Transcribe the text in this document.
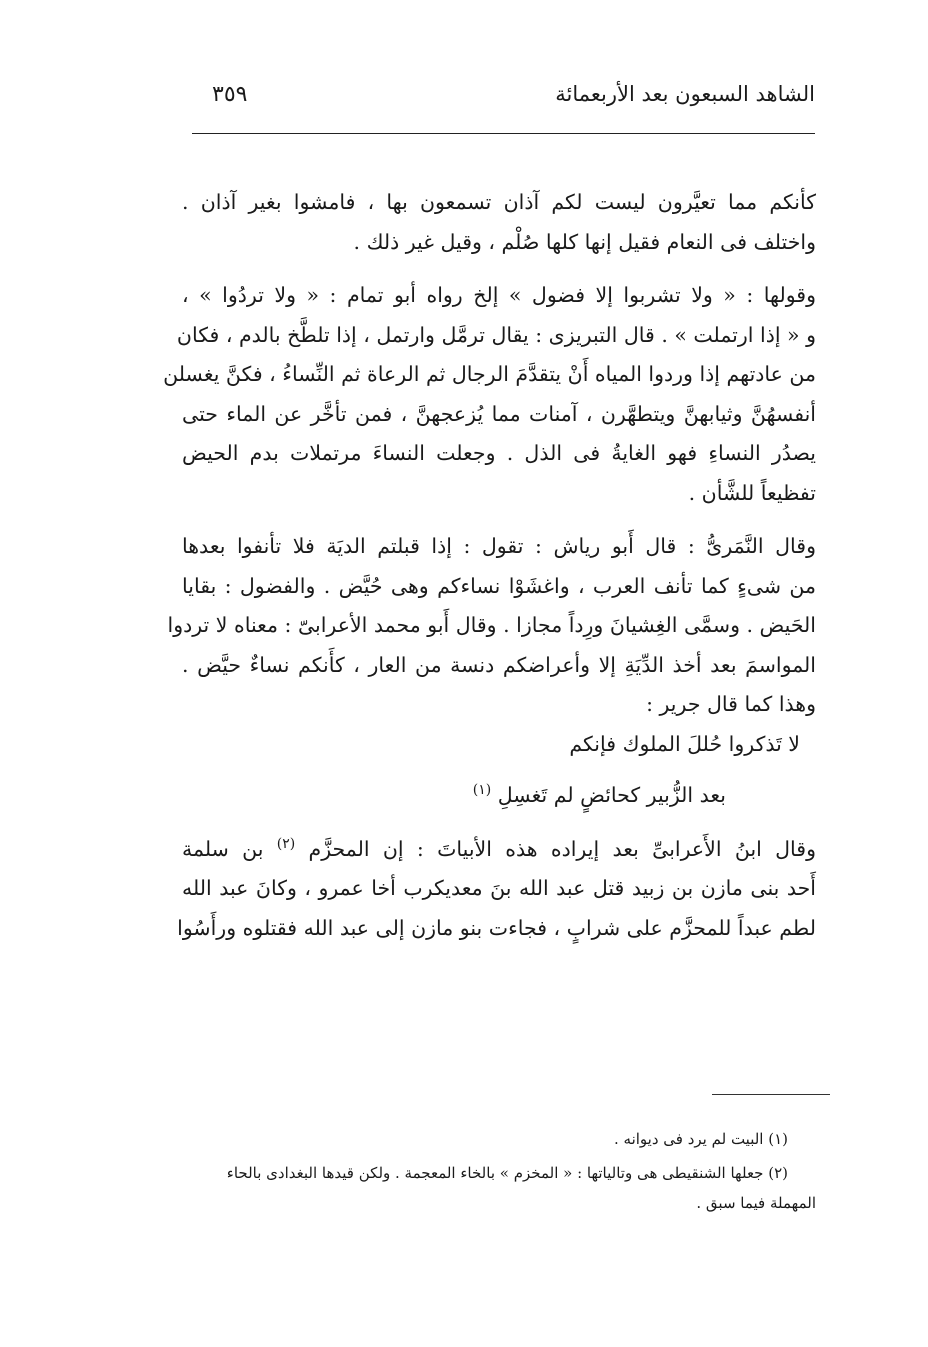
الشاهد السبعون بعد الأربعمائة
٣٥٩
كأنكم مما تعيَّرون ليست لكم آذان تسمعون بها ، فامشوا بغير آذان .
واختلف فى النعام فقيل إنها كلها صُلْم ، وقيل غير ذلك .
وقولها : « ولا تشربوا إلا فضول » إلخ رواه أبو تمام : « ولا تردُوا » ،
و « إذا ارتملت » . قال التبريزى : يقال ترمَّل وارتمل ، إذا تلطَّخ بالدم ، فكان
من عادتهم إذا وردوا المياه أَنْ يتقدَّمَ الرجال ثم الرعاة ثم النِّساءُ ، فكنَّ يغسلن
أنفسهُنَّ وثيابهنَّ ويتطهَّرن ، آمنات مما يُزعجهنَّ ، فمن تأخَّر عن الماء حتى
يصدُر النساءِ فهو الغايةُ فى الذل . وجعلت النساءَ مرتملات بدم الحيض
تفظيعاً للشَّأن .
وقال النَّمَرىُّ : قال أَبو رياش : تقول : إذا قبلتم الديَة فلا تأنفوا بعدها
من شىءٍ كما تأنف العرب ، واغشَوْا نساءكم وهى حُيَّض . والفضول : بقايا
الحَيض . وسمَّى الغِشيانَ ورِداً مجازا . وقال أَبو محمد الأعرابىّ : معناه لا تردوا
المواسمَ بعد أخذ الدِّيَةِ إلا وأعراضكم دنسة من العار ، كأَنكم نساءٌ حيَّض .
وهذا كما قال جرير :
لا تَذكروا حُللَ الملوك فإنكم
بعد الزُّبير كحائضٍ لم تَغسِلِ $^{(١)}$
وقال ابنُ الأَعرابىِّ بعد إيراده هذه الأبياتَ : إن المحزَّم $^{(٢)}$ بن سلمة
أَحد بنى مازن بن زبيد قتل عبد الله بنَ معديكرب أخا عمرو ، وكانَ عبد الله
لطم عبداً للمحزَّم على شرابٍ ، فجاءت بنو مازن إلى عبد الله فقتلوه ورأَسُوا
(١) البيت لم يرد فى ديوانه .
(٢) جعلها الشنقيطى هى وتالياتها : « المخزم » بالخاء المعجمة . ولكن قيدها البغدادى بالحاء
المهملة فيما سبق .
